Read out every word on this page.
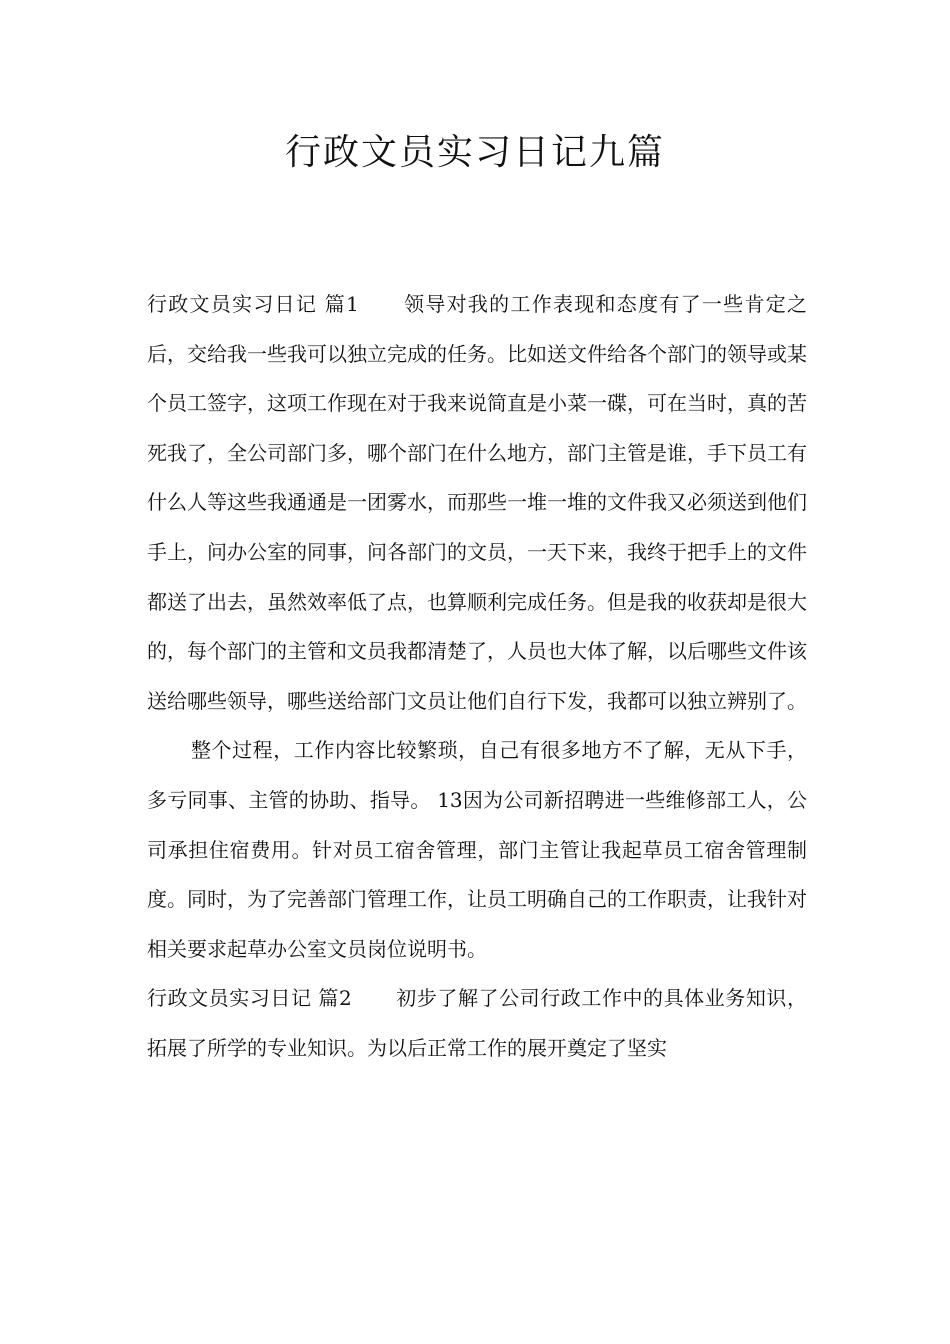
行政文员实习日记九篇

行政文员实习日记 篇1 领导对我的工作表现和态度有了一些肯定之后，交给我一些我可以独立完成的任务。比如送文件给各个部门的领导或某个员工签字，这项工作现在对于我来说简直是小菜一碟，可在当时，真的苦死我了，全公司部门多，哪个部门在什么地方，部门主管是谁，手下员工有什么人等这些我通通是一团雾水，而那些一堆一堆的文件我又必须送到他们手上，问办公室的同事，问各部门的文员，一天下来，我终于把手上的文件都送了出去，虽然效率低了点，也算顺利完成任务。但是我的收获却是很大的，每个部门的主管和文员我都清楚了，人员也大体了解，以后哪些文件该送给哪些领导，哪些送给部门文员让他们自行下发，我都可以独立辨别了。

整个过程，工作内容比较繁琐，自己有很多地方不了解，无从下手，多亏同事、主管的协助、指导。 13因为公司新招聘进一些维修部工人，公司承担住宿费用。针对员工宿舍管理，部门主管让我起草员工宿舍管理制度。同时，为了完善部门管理工作，让员工明确自己的工作职责，让我针对相关要求起草办公室文员岗位说明书。

行政文员实习日记 篇2 初步了解了公司行政工作中的具体业务知识，拓展了所学的专业知识。为以后正常工作的展开奠定了坚实
